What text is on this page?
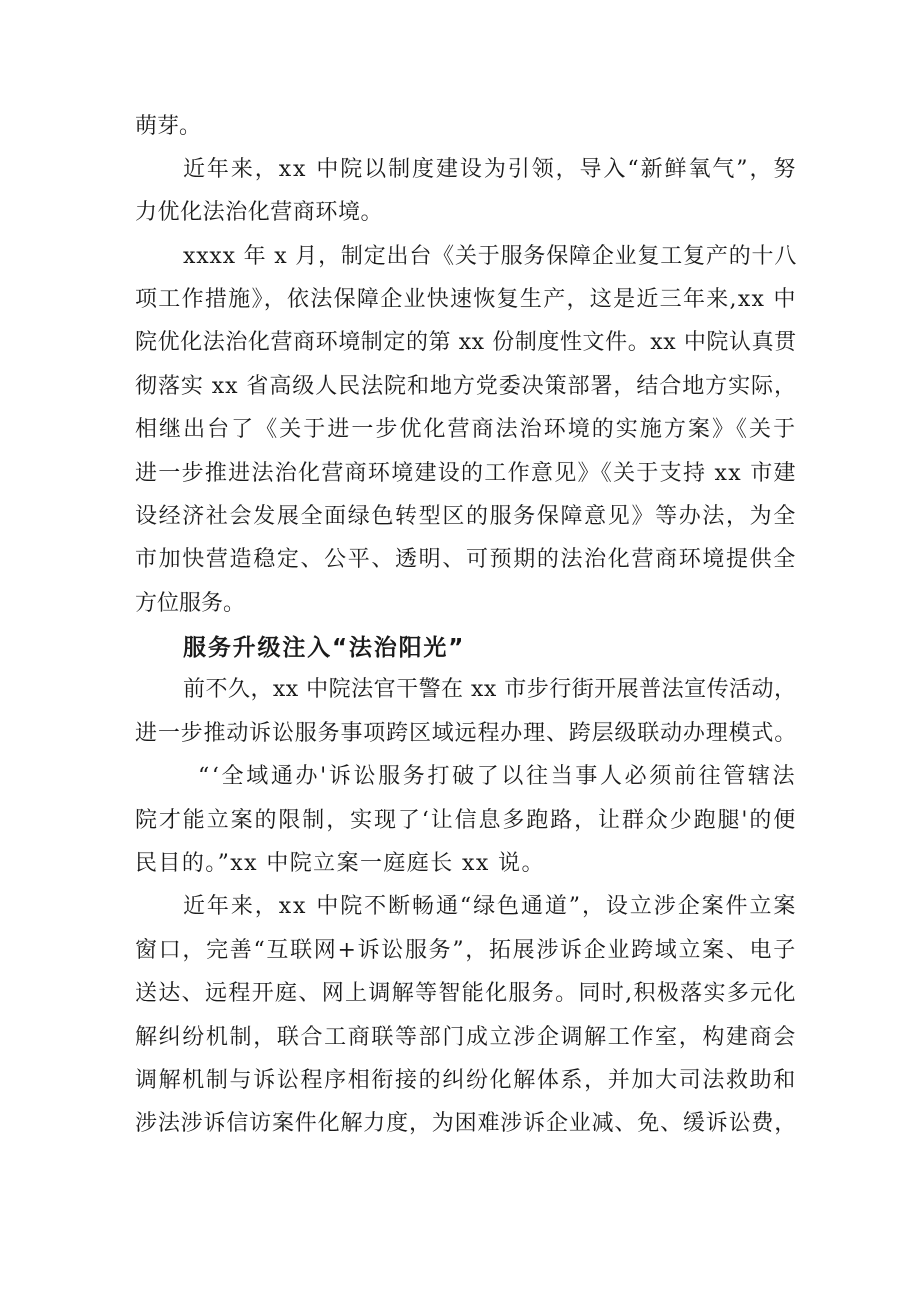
萌芽。
近年来，xx 中院以制度建设为引领，导入“新鲜氧气”，努
力优化法治化营商环境。
xxxx 年 x 月，制定出台《关于服务保障企业复工复产的十八
项工作措施》，依法保障企业快速恢复生产，这是近三年来,xx 中
院优化法治化营商环境制定的第 xx 份制度性文件。xx 中院认真贯
彻落实 xx 省高级人民法院和地方党委决策部署，结合地方实际，
相继出台了《关于进一步优化营商法治环境的实施方案》《关于
进一步推进法治化营商环境建设的工作意见》《关于支持 xx 市建
设经济社会发展全面绿色转型区的服务保障意见》等办法，为全
市加快营造稳定、公平、透明、可预期的法治化营商环境提供全
方位服务。
服务升级注入“法治阳光”
前不久，xx 中院法官干警在 xx 市步行街开展普法宣传活动，
进一步推动诉讼服务事项跨区域远程办理、跨层级联动办理模式。
“‘全域通办'诉讼服务打破了以往当事人必须前往管辖法
院才能立案的限制，实现了‘让信息多跑路，让群众少跑腿'的便
民目的。”xx 中院立案一庭庭长 xx 说。
近年来，xx 中院不断畅通“绿色通道”，设立涉企案件立案
窗口，完善“互联网+诉讼服务”，拓展涉诉企业跨域立案、电子
送达、远程开庭、网上调解等智能化服务。同时,积极落实多元化
解纠纷机制，联合工商联等部门成立涉企调解工作室，构建商会
调解机制与诉讼程序相衔接的纠纷化解体系，并加大司法救助和
涉法涉诉信访案件化解力度，为困难涉诉企业减、免、缓诉讼费，
